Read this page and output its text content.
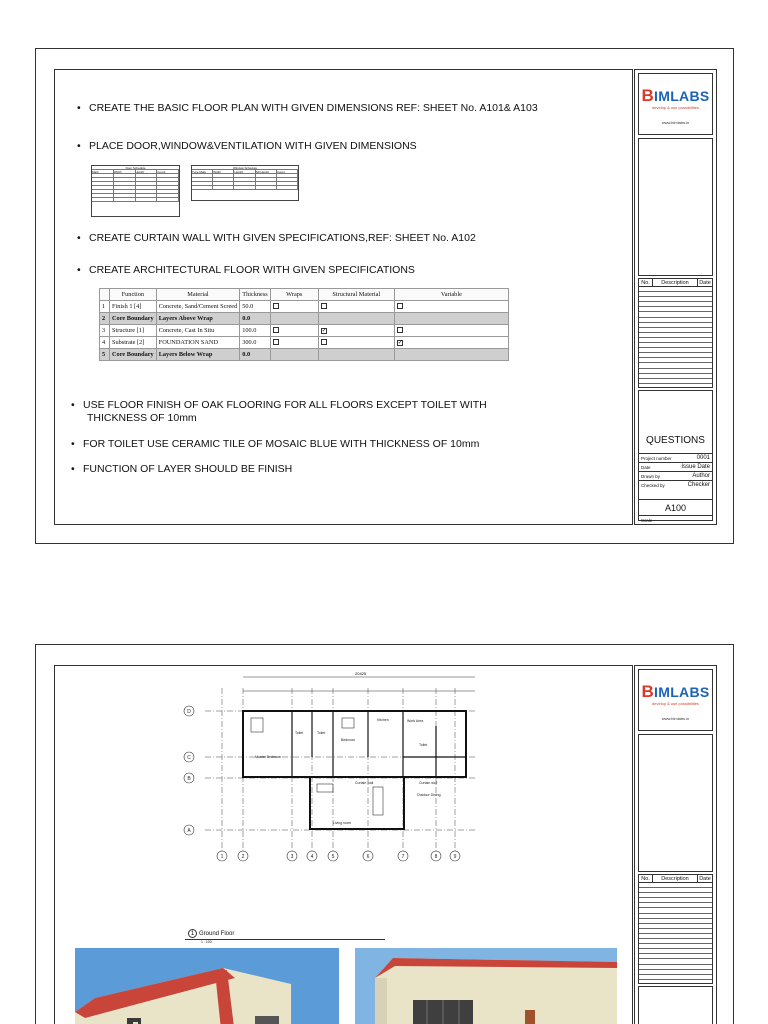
• CREATE THE BASIC FLOOR PLAN WITH GIVEN DIMENSIONS REF: SHEET No. A101& A103
• PLACE DOOR,WINDOW&VENTILATION WITH GIVEN DIMENSIONS
Door Schedule
Mark	Width	Height	Count
Window Schedule
Type Mark	Width	Height	Sill Height	Count
• CREATE CURTAIN WALL WITH GIVEN SPECIFICATIONS,REF: SHEET No. A102
• CREATE ARCHITECTURAL FLOOR WITH GIVEN SPECIFICATIONS
	Function	Material	Thickness	Wraps	Structural Material	Variable
1	Finish 1 [4]	Concrete, Sand/Cement Screed	50.0			
2	Core Boundary	Layers Above Wrap	0.0			
3	Structure [1]	Concrete, Cast In Situ	100.0		✓	
4	Substrate [2]	FOUNDATION SAND	300.0			✓
5	Core Boundary	Layers Below Wrap	0.0			
• USE FLOOR FINISH OF OAK FLOORING FOR ALL FLOORS EXCEPT TOILET WITH
THICKNESS OF 10mm
• FOR TOILET USE CERAMIC TILE OF MOSAIC BLUE WITH THICKNESS OF 10mm
• FUNCTION OF LAYER SHOULD BE FINISH
BIMLABS
develop & use possibilities
www.bimlabs.in
No.	Description	Date
QUESTIONS
Project number	0001
Date	Issue Date
Drawn by	Author
Checked by	Checker
A100
Scale
20425
Master Bedroom
Toilet	Toilet
Bedroom
Kitchen	Work Area
Toilet
Living room
Outdoor Dining
Curtain wall	Curtain wall
1	2	3	4	5	6	7	8	9
D
C
B
A
1 Ground Floor
1 : 100
BIMLABS
develop & use possibilities
www.bimlabs.in
No.	Description	Date
